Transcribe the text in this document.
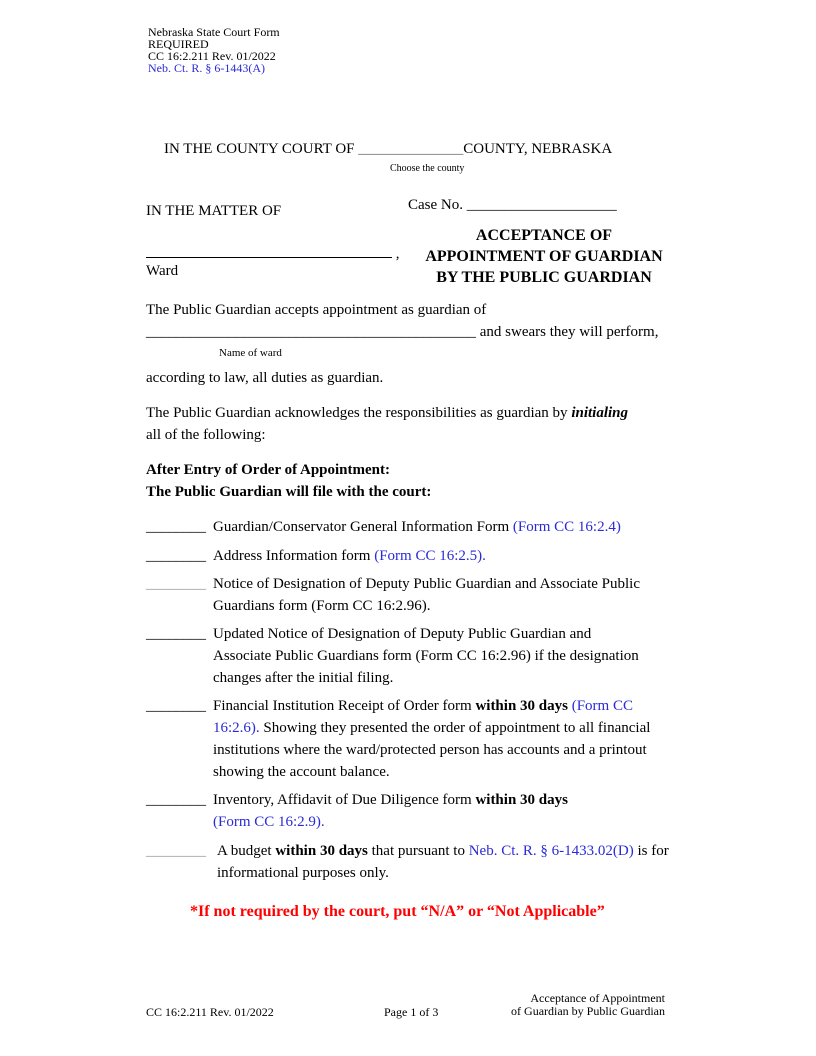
Nebraska State Court Form
REQUIRED
CC 16:2.211 Rev. 01/2022
Neb. Ct. R. § 6-1443(A)
IN THE COUNTY COURT OF ______________COUNTY, NEBRASKA
Choose the county
IN THE MATTER OF	Case No. ____________________
,
Ward
ACCEPTANCE OF
APPOINTMENT OF GUARDIAN
BY THE PUBLIC GUARDIAN
The Public Guardian accepts appointment as guardian of
____________________________________________ and swears they will perform,
Name of ward
according to law, all duties as guardian.
The Public Guardian acknowledges the responsibilities as guardian by initialing
all of the following:
After Entry of Order of Appointment:
The Public Guardian will file with the court:
________ Guardian/Conservator General Information Form (Form CC 16:2.4)
________ Address Information form (Form CC 16:2.5).
________ Notice of Designation of Deputy Public Guardian and Associate Public Guardians form (Form CC 16:2.96).
________ Updated Notice of Designation of Deputy Public Guardian and Associate Public Guardians form (Form CC 16:2.96) if the designation changes after the initial filing.
________ Financial Institution Receipt of Order form within 30 days (Form CC 16:2.6). Showing they presented the order of appointment to all financial institutions where the ward/protected person has accounts and a printout showing the account balance.
________ Inventory, Affidavit of Due Diligence form within 30 days
(Form CC 16:2.9).
________ A budget within 30 days that pursuant to Neb. Ct. R. § 6-1433.02(D) is for informational purposes only.
*If not required by the court, put “N/A” or “Not Applicable”
CC 16:2.211 Rev. 01/2022	Page 1 of 3
Acceptance of Appointment
of Guardian by Public Guardian
